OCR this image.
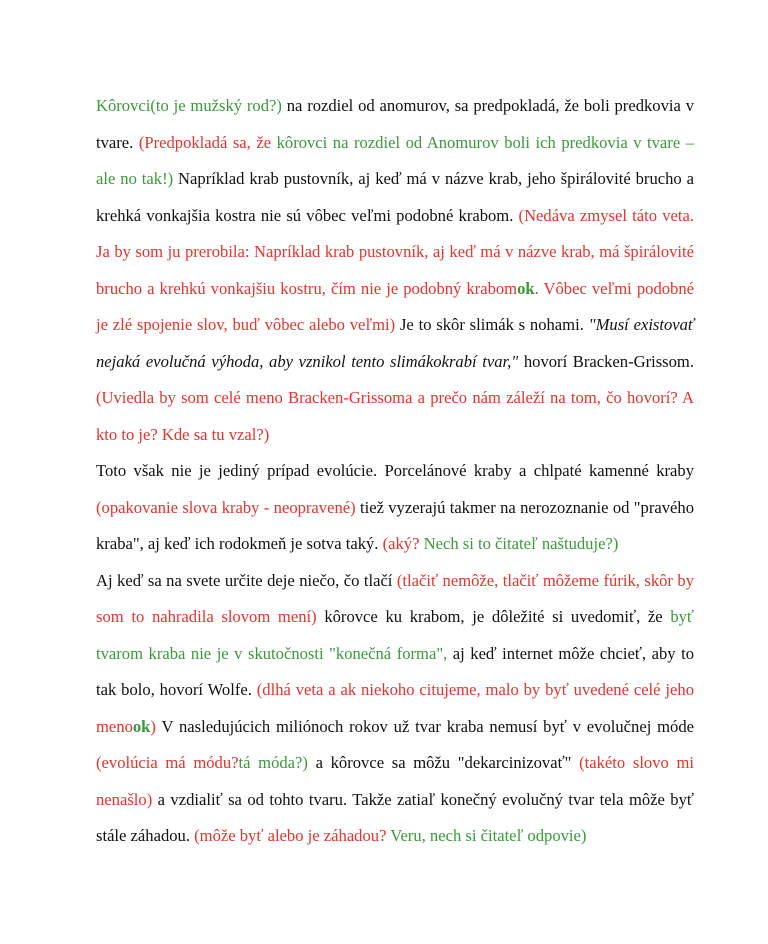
Kôrovci(to je mužský rod?) na rozdiel od anomurov, sa predpokladá, že boli predkovia v tvare. (Predpokladá sa, že kôrovci na rozdiel od Anomurov boli ich predkovia v tvare – ale no tak!) Napríklad krab pustovník, aj keď má v názve krab, jeho špirálovité brucho a krehká vonkajšia kostra nie sú vôbec veľmi podobné krabom. (Nedáva zmysel táto veta. Ja by som ju prerobila: Napríklad krab pustovník, aj keď má v názve krab, má špirálovité brucho a krehkú vonkajšiu kostru, čím nie je podobný krabomok. Vôbec veľmi podobné je zlé spojenie slov, buď vôbec alebo veľmi) Je to skôr slimák s nohami. "Musí existovať nejaká evolučná výhoda, aby vznikol tento slimákokrabí tvar," hovorí Bracken-Grissom. (Uviedla by som celé meno Bracken-Grissoma a prečo nám záleží na tom, čo hovorí? A kto to je? Kde sa tu vzal?)

Toto však nie je jediný prípad evolúcie. Porcelánové kraby a chlpaté kamenné kraby (opakovanie slova kraby - neopravené) tiež vyzerajú takmer na nerozoznanie od "pravého kraba", aj keď ich rodokmeň je sotva taký. (aký? Nech si to čitateľ naštuduje?)

Aj keď sa na svete určite deje niečo, čo tlačí (tlačiť nemôže, tlačiť môžeme fúrik, skôr by som to nahradila slovom mení) kôrovce ku krabom, je dôležité si uvedomiť, že byť tvarom kraba nie je v skutočnosti "konečná forma", aj keď internet môže chcieť, aby to tak bolo, hovorí Wolfe. (dlhá veta a ak niekoho citujeme, malo by byť uvedené celé jeho menook) V nasledujúcich miliónoch rokov už tvar kraba nemusí byť v evolučnej móde (evolúcia má módu?tá móda?) a kôrovce sa môžu "dekarcinizovať" (takéto slovo mi nenašlo) a vzdialiť sa od tohto tvaru. Takže zatiaľ konečný evolučný tvar tela môže byť stále záhadou. (môže byť alebo je záhadou? Veru, nech si čitateľ odpovie)
